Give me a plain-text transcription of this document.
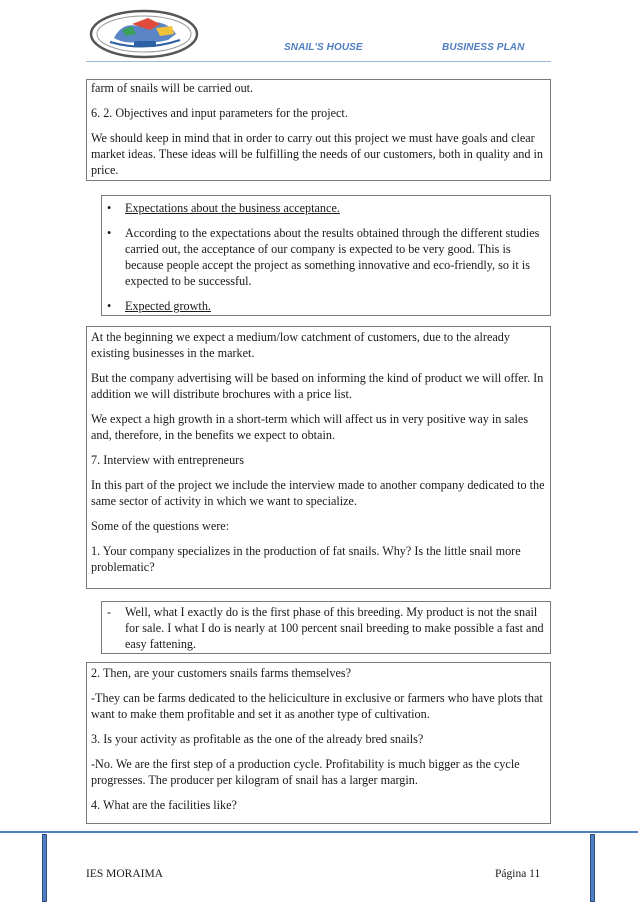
SNAIL'S HOUSE	BUSINESS PLAN

farm of snails will be carried out.

6. 2. Objectives and input parameters for the project.

We should keep in mind that in order to carry out this project we must have goals and clear market ideas. These ideas will be fulfilling the needs of our customers, both in quality and in price.

• Expectations about the business acceptance.
• According to the expectations about the results obtained through the different studies carried out, the acceptance of our company is expected to be very good. This is because people accept the project as something innovative and eco-friendly, so it is expected to be successful.
• Expected growth.

At the beginning we expect a medium/low catchment of customers, due to the already existing businesses in the market.

But the company advertising will be based on informing the kind of product we will offer. In addition we will distribute brochures with a price list.

We expect a high growth in a short-term which will affect us in very positive way in sales and, therefore, in the benefits we expect to obtain.

7. Interview with entrepreneurs

In this part of the project we include the interview made to another company dedicated to the same sector of activity in which we want to specialize.

Some of the questions were:

1. Your company specializes in the production of fat snails. Why? Is the little snail more problematic?

- Well, what I exactly do is the first phase of this breeding. My product is not the snail for sale. I what I do is nearly at 100 percent snail breeding to make possible a fast and easy fattening.

2. Then, are your customers snails farms themselves?

-They can be farms dedicated to the heliciculture in exclusive or farmers who have plots that want to make them profitable and set it as another type of cultivation.

3. Is your activity as profitable as the one of the already bred snails?

-No. We are the first step of a production cycle. Profitability is much bigger as the cycle progresses. The producer per kilogram of snail has a larger margin.

4. What are the facilities like?

IES MORAIMA	Página 11
